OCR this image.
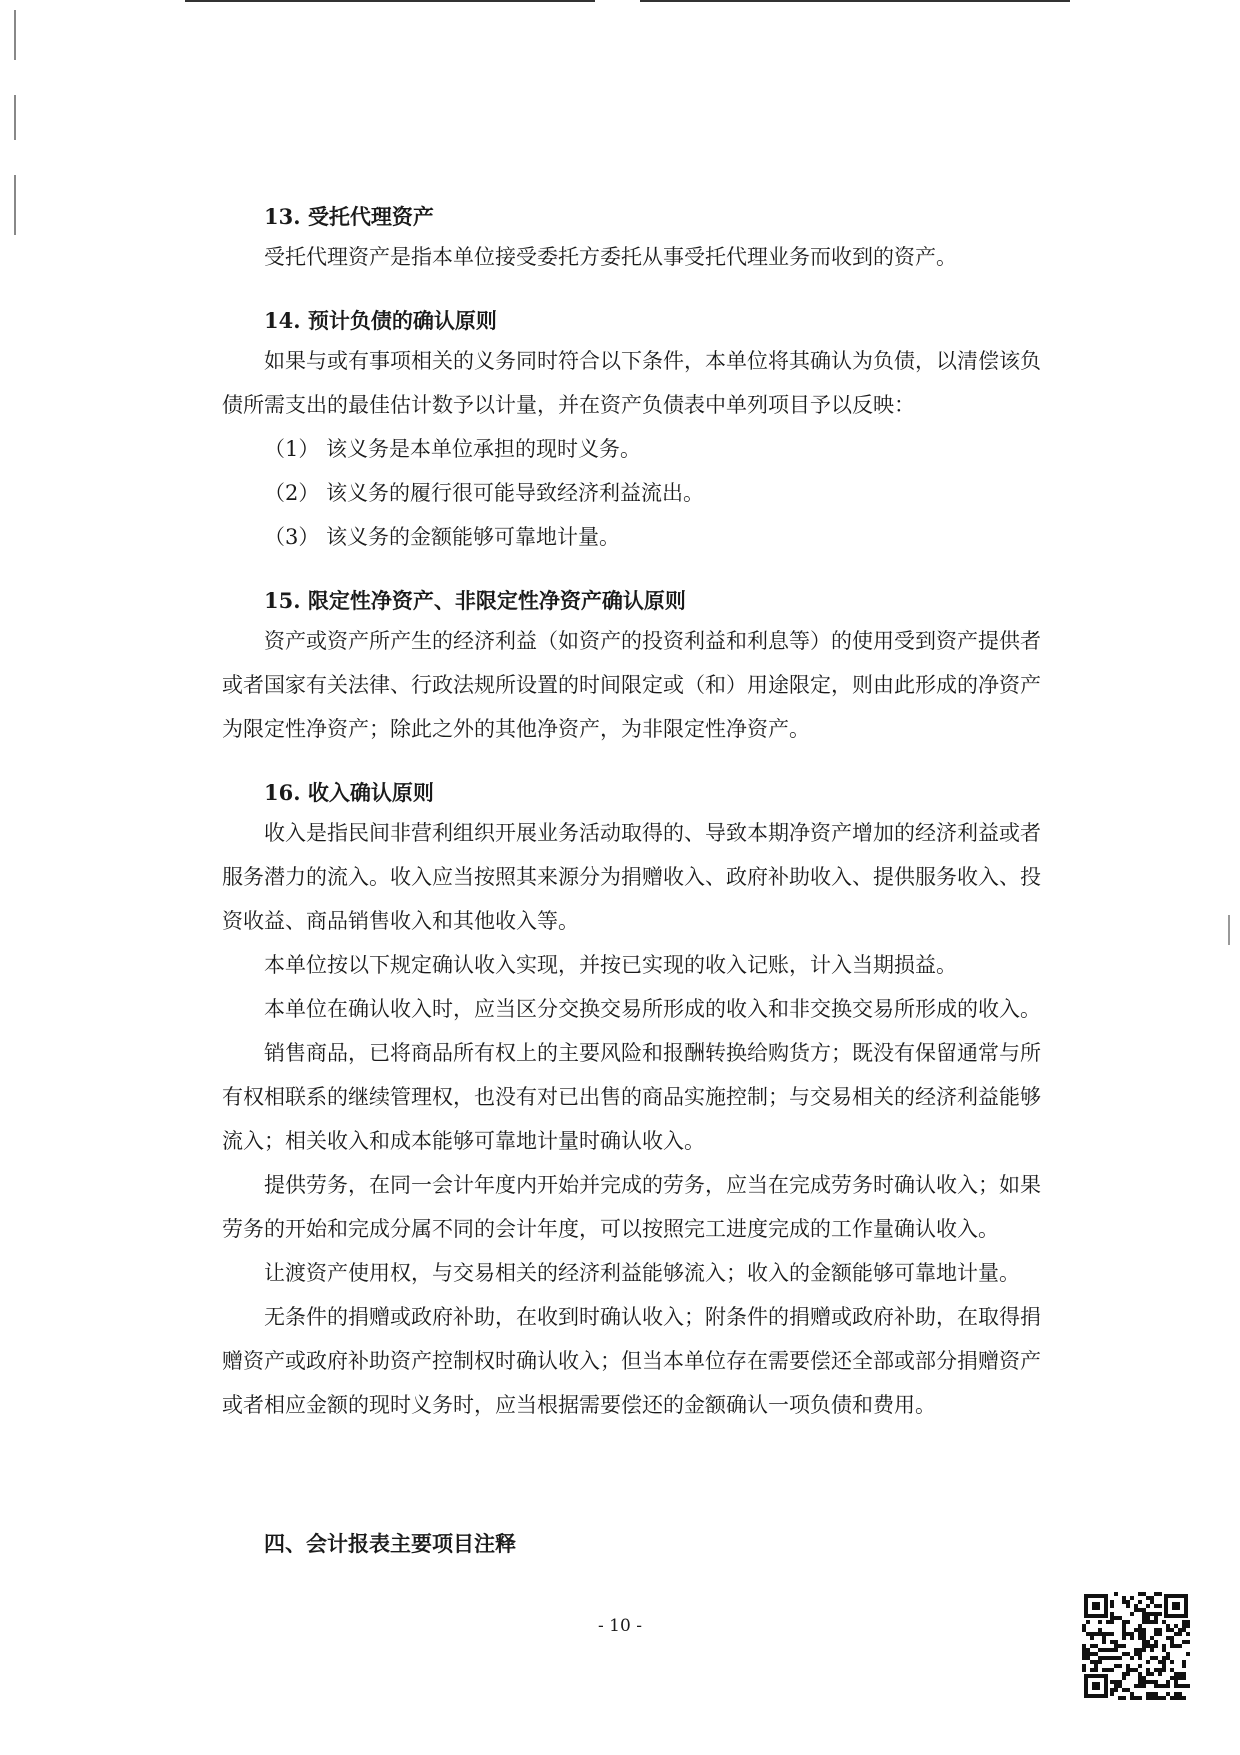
13. 受托代理资产

受托代理资产是指本单位接受委托方委托从事受托代理业务而收到的资产。

14. 预计负债的确认原则

如果与或有事项相关的义务同时符合以下条件，本单位将其确认为负债，以清偿该负债所需支出的最佳估计数予以计量，并在资产负债表中单列项目予以反映：

（1） 该义务是本单位承担的现时义务。
（2） 该义务的履行很可能导致经济利益流出。
（3） 该义务的金额能够可靠地计量。
15. 限定性净资产、非限定性净资产确认原则

资产或资产所产生的经济利益（如资产的投资利益和利息等）的使用受到资产提供者或者国家有关法律、行政法规所设置的时间限定或（和）用途限定，则由此形成的净资产为限定性净资产；除此之外的其他净资产，为非限定性净资产。

16. 收入确认原则

收入是指民间非营利组织开展业务活动取得的、导致本期净资产增加的经济利益或者服务潜力的流入。收入应当按照其来源分为捐赠收入、政府补助收入、提供服务收入、投资收益、商品销售收入和其他收入等。

本单位按以下规定确认收入实现，并按已实现的收入记账，计入当期损益。

本单位在确认收入时，应当区分交换交易所形成的收入和非交换交易所形成的收入。

销售商品，已将商品所有权上的主要风险和报酬转换给购货方；既没有保留通常与所有权相联系的继续管理权，也没有对已出售的商品实施控制；与交易相关的经济利益能够流入；相关收入和成本能够可靠地计量时确认收入。

提供劳务，在同一会计年度内开始并完成的劳务，应当在完成劳务时确认收入；如果劳务的开始和完成分属不同的会计年度，可以按照完工进度完成的工作量确认收入。

让渡资产使用权，与交易相关的经济利益能够流入；收入的金额能够可靠地计量。

无条件的捐赠或政府补助，在收到时确认收入；附条件的捐赠或政府补助，在取得捐赠资产或政府补助资产控制权时确认收入；但当本单位存在需要偿还全部或部分捐赠资产或者相应金额的现时义务时，应当根据需要偿还的金额确认一项负债和费用。

四、会计报表主要项目注释
- 10 -
